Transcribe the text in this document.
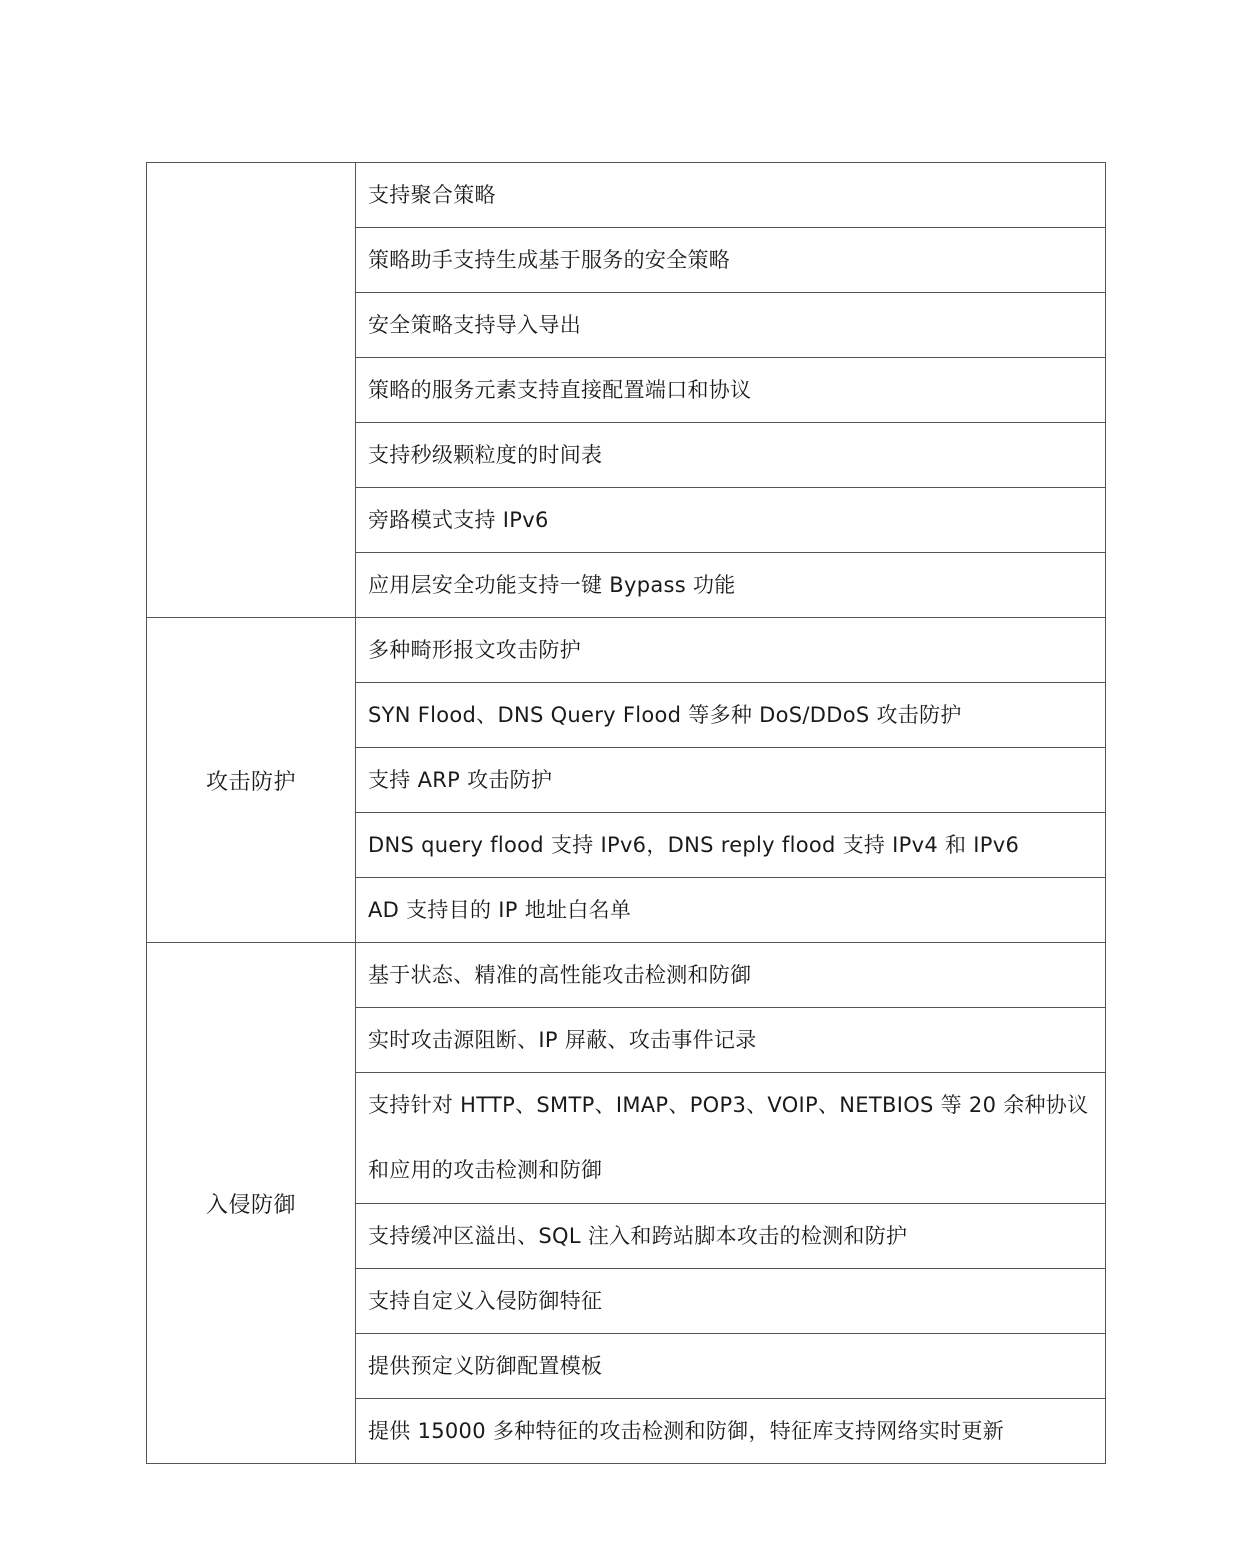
	支持聚合策略
	策略助手支持生成基于服务的安全策略
	安全策略支持导入导出
	策略的服务元素支持直接配置端口和协议
	支持秒级颗粒度的时间表
	旁路模式支持 IPv6
	应用层安全功能支持一键 Bypass 功能
攻击防护	多种畸形报文攻击防护
	SYN Flood、DNS Query Flood 等多种 DoS/DDoS 攻击防护
	支持 ARP 攻击防护
	DNS query flood 支持 IPv6，DNS reply flood 支持 IPv4 和 IPv6
	AD 支持目的 IP 地址白名单
入侵防御	基于状态、精准的高性能攻击检测和防御
	实时攻击源阻断、IP 屏蔽、攻击事件记录
	支持针对 HTTP、SMTP、IMAP、POP3、VOIP、NETBIOS 等 20 余种协议和应用的攻击检测和防御
	支持缓冲区溢出、SQL 注入和跨站脚本攻击的检测和防护
	支持自定义入侵防御特征
	提供预定义防御配置模板
	提供 15000 多种特征的攻击检测和防御，特征库支持网络实时更新
